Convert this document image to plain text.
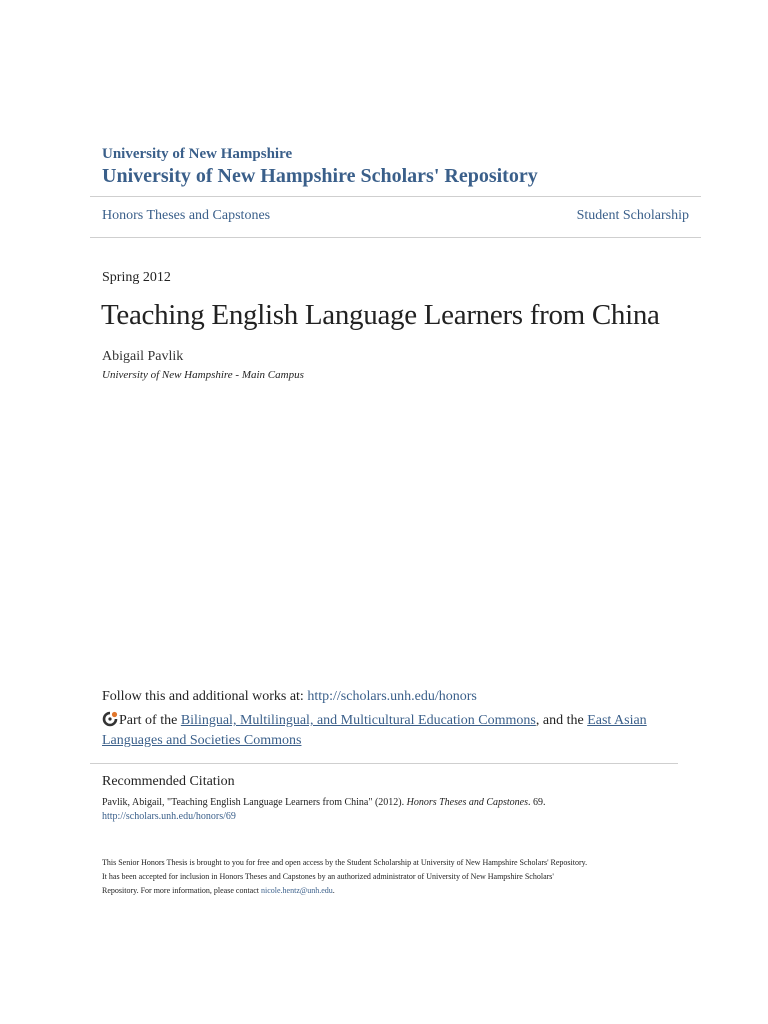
University of New Hampshire
University of New Hampshire Scholars' Repository
Honors Theses and Capstones	Student Scholarship
Spring 2012
Teaching English Language Learners from China
Abigail Pavlik
University of New Hampshire - Main Campus
Follow this and additional works at: http://scholars.unh.edu/honors
Part of the Bilingual, Multilingual, and Multicultural Education Commons, and the East Asian Languages and Societies Commons
Recommended Citation
Pavlik, Abigail, "Teaching English Language Learners from China" (2012). Honors Theses and Capstones. 69.
http://scholars.unh.edu/honors/69
This Senior Honors Thesis is brought to you for free and open access by the Student Scholarship at University of New Hampshire Scholars' Repository.
It has been accepted for inclusion in Honors Theses and Capstones by an authorized administrator of University of New Hampshire Scholars'
Repository. For more information, please contact nicole.hentz@unh.edu.
